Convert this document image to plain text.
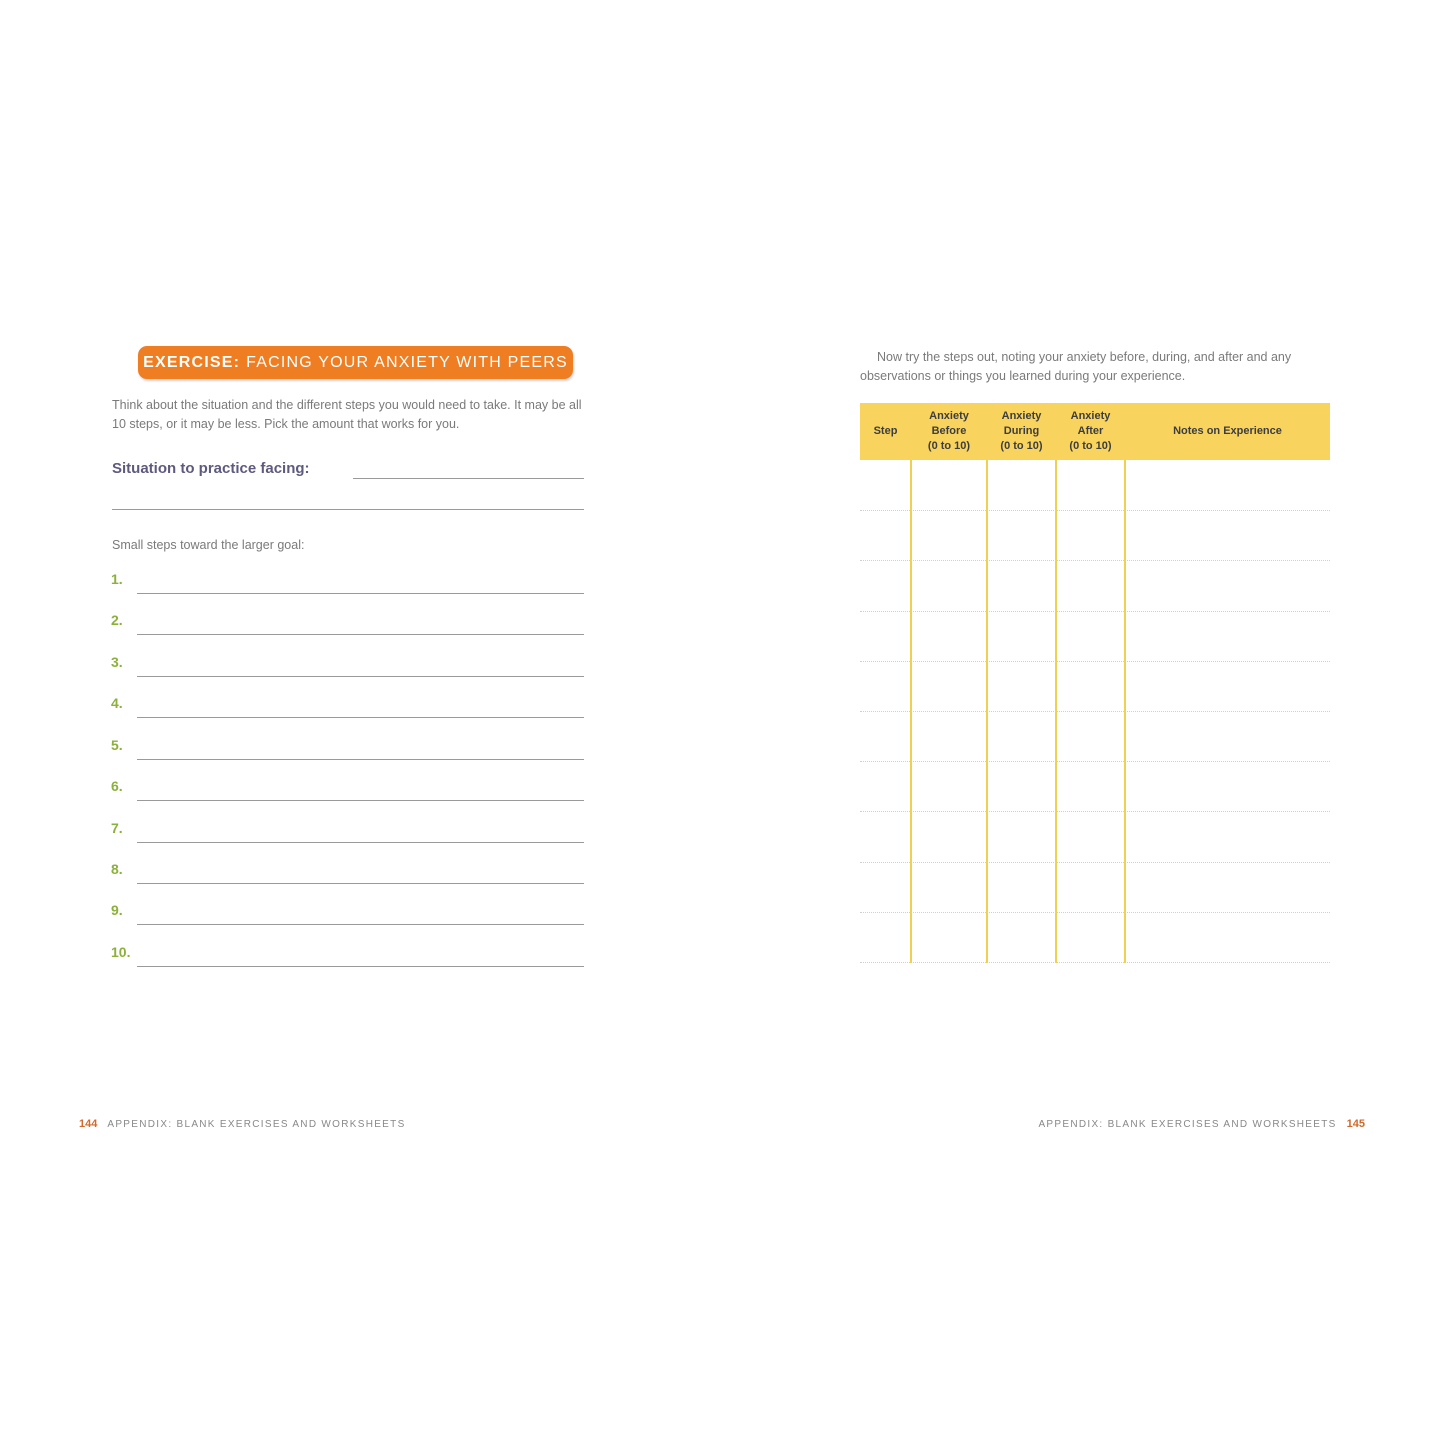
EXERCISE: FACING YOUR ANXIETY WITH PEERS
Think about the situation and the different steps you would need to take. It may be all
10 steps, or it may be less. Pick the amount that works for you.
Situation to practice facing:
Small steps toward the larger goal:
1.
2.
3.
4.
5.
6.
7.
8.
9.
10.
144 APPENDIX: BLANK EXERCISES AND WORKSHEETS
Now try the steps out, noting your anxiety before, during, and after and any observations or things you learned during your experience.
Step
Anxiety
Before
(0 to 10)
Anxiety
During
(0 to 10)
Anxiety
After
(0 to 10)
Notes on Experience
APPENDIX: BLANK EXERCISES AND WORKSHEETS 145
